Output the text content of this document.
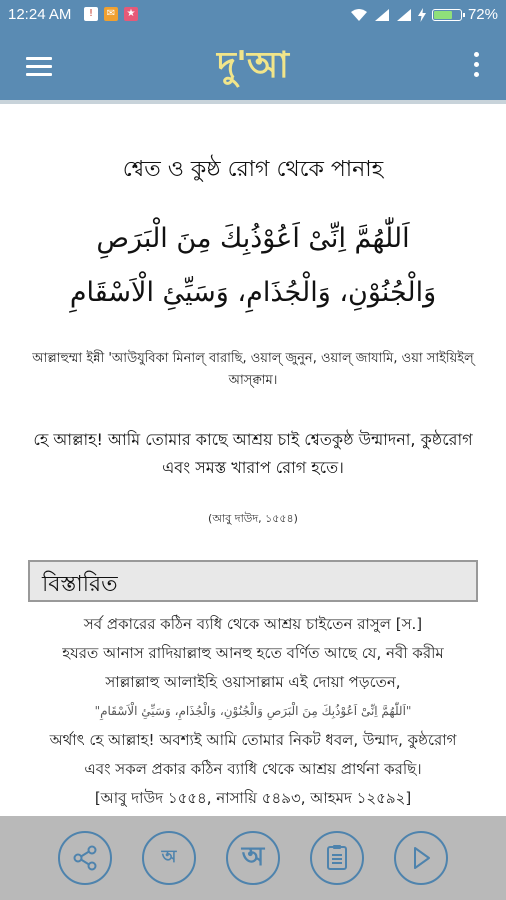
12:24 AM	!	✉ ★	72%
দু'আ
শ্বেত ও কুষ্ঠ রোগ থেকে পানাহ
اَللّٰهُمَّ اِنِّىْ اَعُوْذُبِكَ مِنَ الْبَرَصِ
وَالْجُنُوْنِ، وَالْجُذَامِ، وَسَيِّئِ الْاَسْقَامِ
আল্লাহুম্মা ইন্নী 'আউযুবিকা মিনাল্ বারাছি, ওয়াল্ জুনুন, ওয়াল্ জাযামি, ওয়া সাইয়িইল্ আস্ক্বাম।
হে আল্লাহ! আমি তোমার কাছে আশ্রয় চাই শ্বেতকুষ্ঠ উন্মাদনা, কুষ্ঠরোগ এবং সমস্ত খারাপ রোগ হতে।
(আবু দাউদ, ১৫৫৪)
বিস্তারিত
সর্ব প্রকারের কঠিন ব্যধি থেকে আশ্রয় চাইতেন রাসুল [স.]
হযরত আনাস রাদিয়াল্লাহু আনহু হতে বর্ণিত আছে যে, নবী করীম
সাল্লাল্লাহু আলাইহি ওয়াসাল্লাম এই দোয়া পড়তেন,
"اَللّٰهُمَّ اِنِّىْ اَعُوْذُبِكَ مِنَ الْبَرَصِ وَالْجُنُوْنِ، وَالْجُذَامِ، وَسَيِّئِ الْاَسْقَامِ"
অর্থাৎ হে আল্লাহ! অবশ্যই আমি তোমার নিকট ধবল, উন্মাদ, কুষ্ঠরোগ
এবং সকল প্রকার কঠিন ব্যাধি থেকে আশ্রয় প্রার্থনা করছি।
[আবু দাউদ ১৫৫৪, নাসায়ি ৫৪৯৩, আহমদ ১২৫৯২]
অ	অ
